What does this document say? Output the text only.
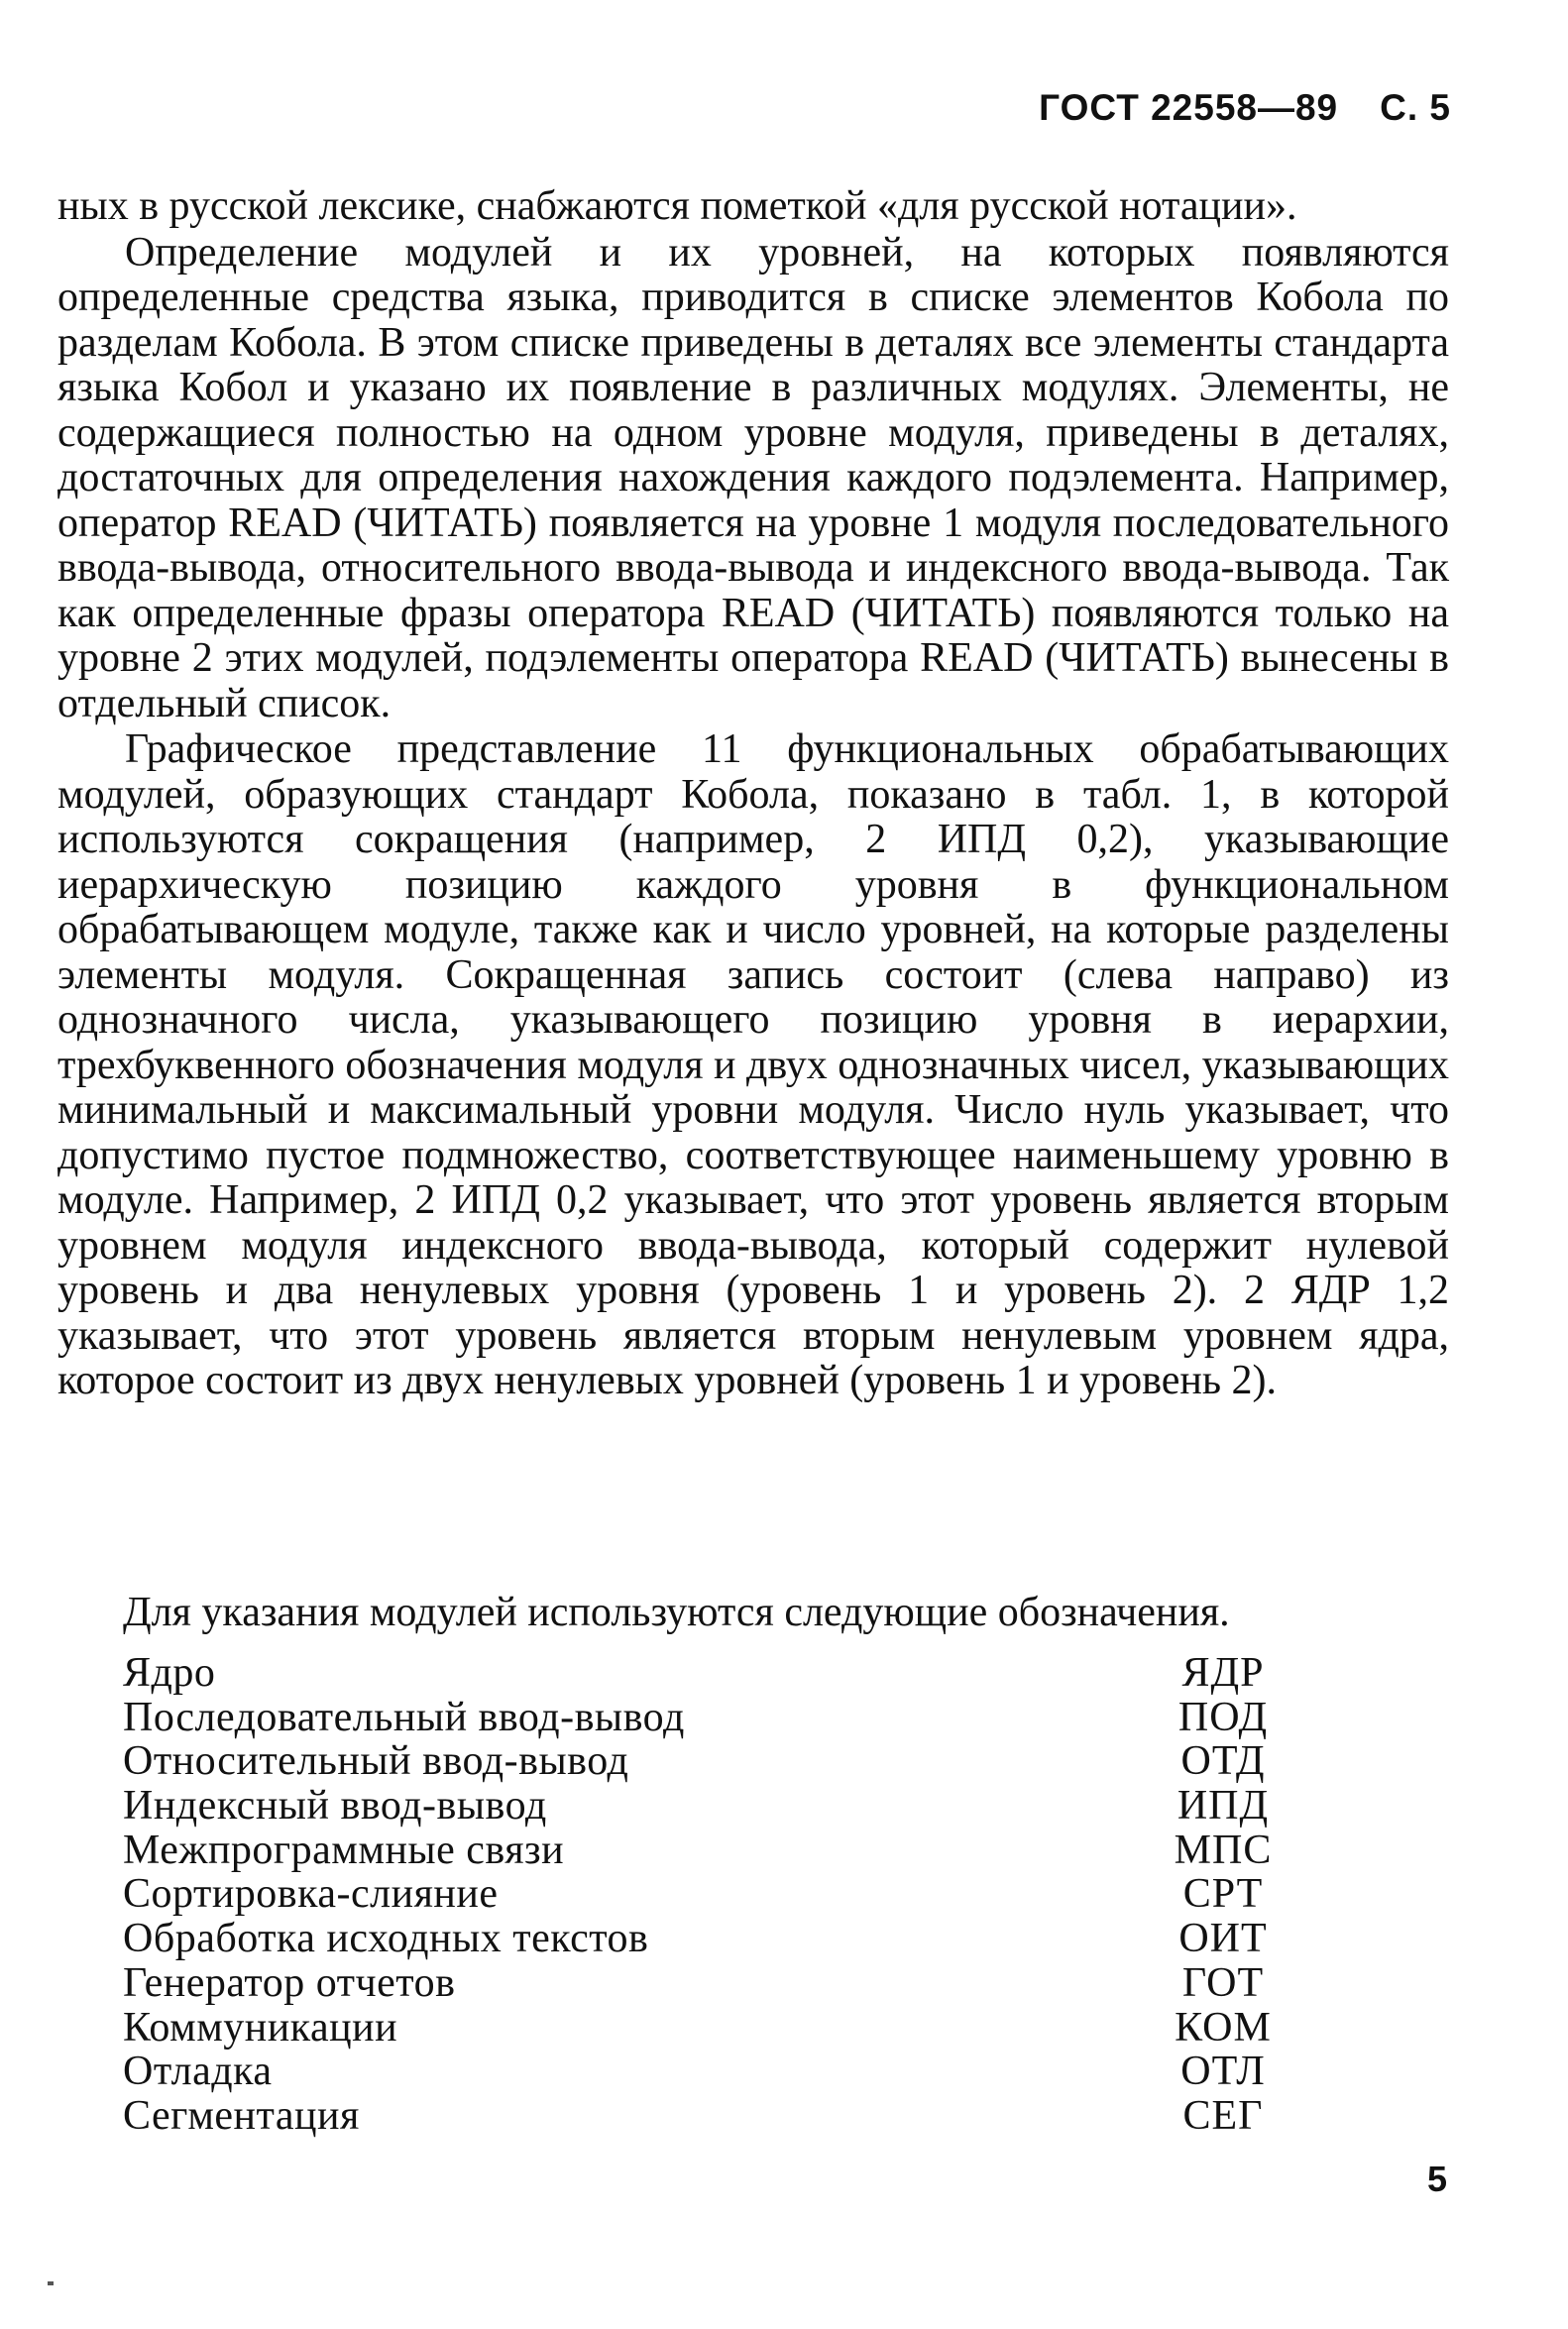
ГОСТ 22558—89 С. 5

ных в русской лексике, снабжаются пометкой «для русской нотации».

Определение модулей и их уровней, на которых появляются определенные средства языка, приводится в списке элементов Кобола по разделам Кобола. В этом списке приведены в деталях все элементы стандарта языка Кобол и указано их появление в различных модулях. Элементы, не содержащиеся полностью на одном уровне модуля, приведены в деталях, достаточных для определения нахождения каждого подэлемента. Например, оператор READ (ЧИТАТЬ) появляется на уровне 1 модуля последовательного ввода-вывода, относительного ввода-вывода и индексного ввода-вывода. Так как определенные фразы оператора READ (ЧИТАТЬ) появляются только на уровне 2 этих модулей, подэлементы оператора READ (ЧИТАТЬ) вынесены в отдельный список.

Графическое представление 11 функциональных обрабатывающих модулей, образующих стандарт Кобола, показано в табл. 1, в которой используются сокращения (например, 2 ИПД 0,2), указывающие иерархическую позицию каждого уровня в функциональном обрабатывающем модуле, также как и число уровней, на которые разделены элементы модуля. Сокращенная запись состоит (слева направо) из однозначного числа, указывающего позицию уровня в иерархии, трехбуквенного обозначения модуля и двух однозначных чисел, указывающих минимальный и максимальный уровни модуля. Число нуль указывает, что допустимо пустое подмножество, соответствующее наименьшему уровню в модуле. Например, 2 ИПД 0,2 указывает, что этот уровень является вторым уровнем модуля индексного ввода-вывода, который содержит нулевой уровень и два ненулевых уровня (уровень 1 и уровень 2). 2 ЯДР 1,2 указывает, что этот уровень является вторым ненулевым уровнем ядра, которое состоит из двух ненулевых уровней (уровень 1 и уровень 2).

Для указания модулей используются следующие обозначения.
Ядро	ЯДР
Последовательный ввод-вывод	ПОД
Относительный ввод-вывод	ОТД
Индексный ввод-вывод	ИПД
Межпрограммные связи	МПС
Сортировка-слияние	СРТ
Обработка исходных текстов	ОИТ
Генератор отчетов	ГОТ
Коммуникации	КОМ
Отладка	ОТЛ
Сегментация	СЕГ
5
